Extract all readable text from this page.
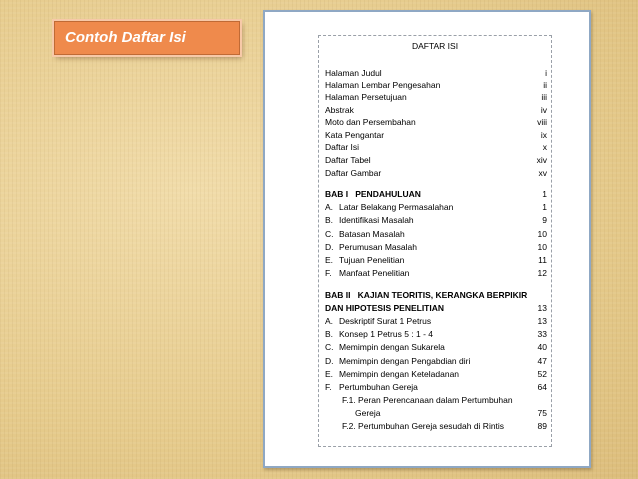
Contoh Daftar Isi	DAFTAR ISI
Halaman Judul	i
Halaman Lembar Pengesahan	ii
Halaman Persetujuan	iii
Abstrak	iv
Moto dan Persembahan	viii
Kata Pengantar	ix
Daftar Isi	x
Daftar Tabel	xiv
Daftar Gambar	xv
BAB I   PENDAHULUAN	1
A. Latar Belakang Permasalahan	1
B. Identifikasi Masalah	9
C. Batasan Masalah	10
D. Perumusan Masalah	10
E. Tujuan Penelitian	11
F. Manfaat Penelitian	12
BAB II   KAJIAN TEORITIS, KERANGKA BERPIKIR
DAN HIPOTESIS PENELITIAN	13
A. Deskriptif Surat 1 Petrus	13
B. Konsep 1 Petrus 5 : 1 - 4	33
C. Memimpin dengan Sukarela	40
D. Memimpin dengan Pengabdian diri	47
E. Memimpin dengan Keteladanan	52
F. Pertumbuhan Gereja	64
F.1. Peran Perencanaan dalam Pertumbuhan
Gereja	75
F.2. Pertumbuhan Gereja sesudah di Rintis	89
